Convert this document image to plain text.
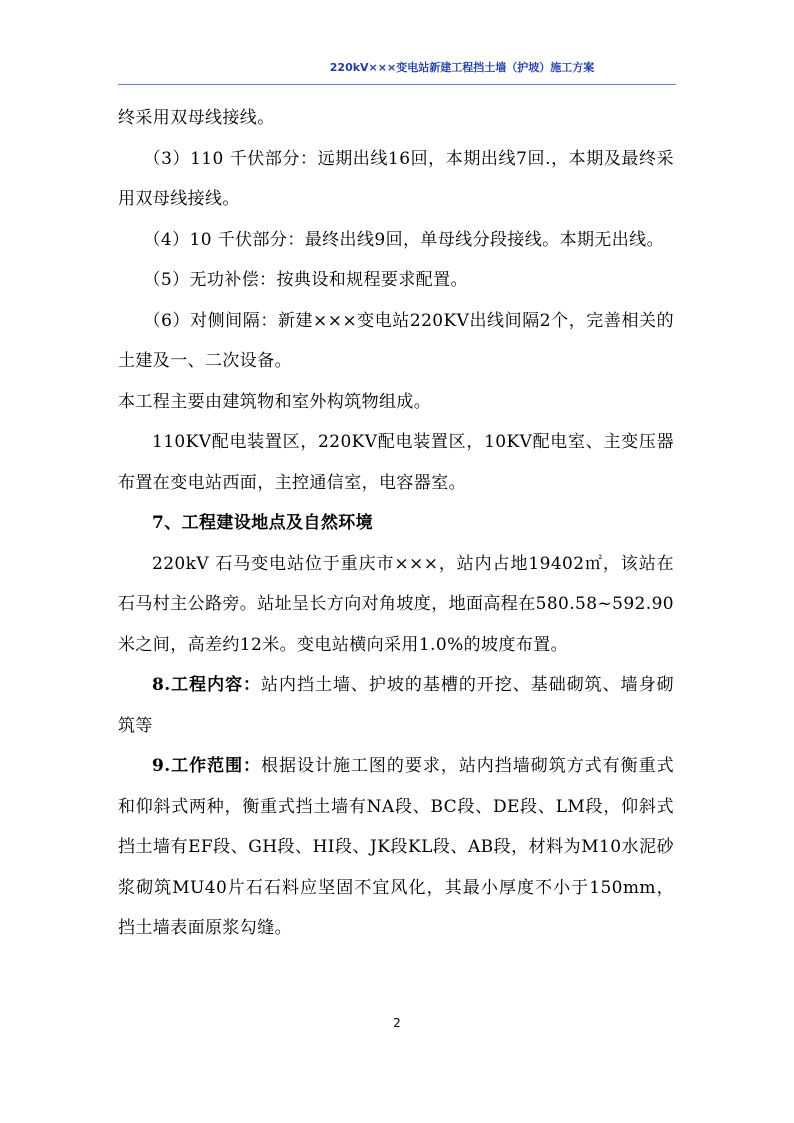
220kV×××变电站新建工程挡土墙（护坡）施工方案

终采用双母线接线。

（3）110 千伏部分：远期出线16回，本期出线7回.，本期及最终采用双母线接线。

（4）10 千伏部分：最终出线9回，单母线分段接线。本期无出线。

（5）无功补偿：按典设和规程要求配置。

（6）对侧间隔：新建×××变电站220KV出线间隔2个，完善相关的土建及一、二次设备。

本工程主要由建筑物和室外构筑物组成。

110KV配电装置区，220KV配电装置区，10KV配电室、主变压器布置在变电站西面，主控通信室，电容器室。

7、工程建设地点及自然环境

220kV 石马变电站位于重庆市×××，站内占地19402㎡，该站在石马村主公路旁。站址呈长方向对角坡度，地面高程在580.58~592.90米之间，高差约12米。变电站横向采用1.0%的坡度布置。

8.工程内容：站内挡土墙、护坡的基槽的开挖、基础砌筑、墙身砌筑等

9.工作范围：根据设计施工图的要求，站内挡墙砌筑方式有衡重式和仰斜式两种，衡重式挡土墙有NA段、BC段、DE段、LM段，仰斜式挡土墙有EF段、GH段、HI段、JK段KL段、AB段，材料为M10水泥砂浆砌筑MU40片石石料应坚固不宜风化，其最小厚度不小于150mm，挡土墙表面原浆勾缝。

2
